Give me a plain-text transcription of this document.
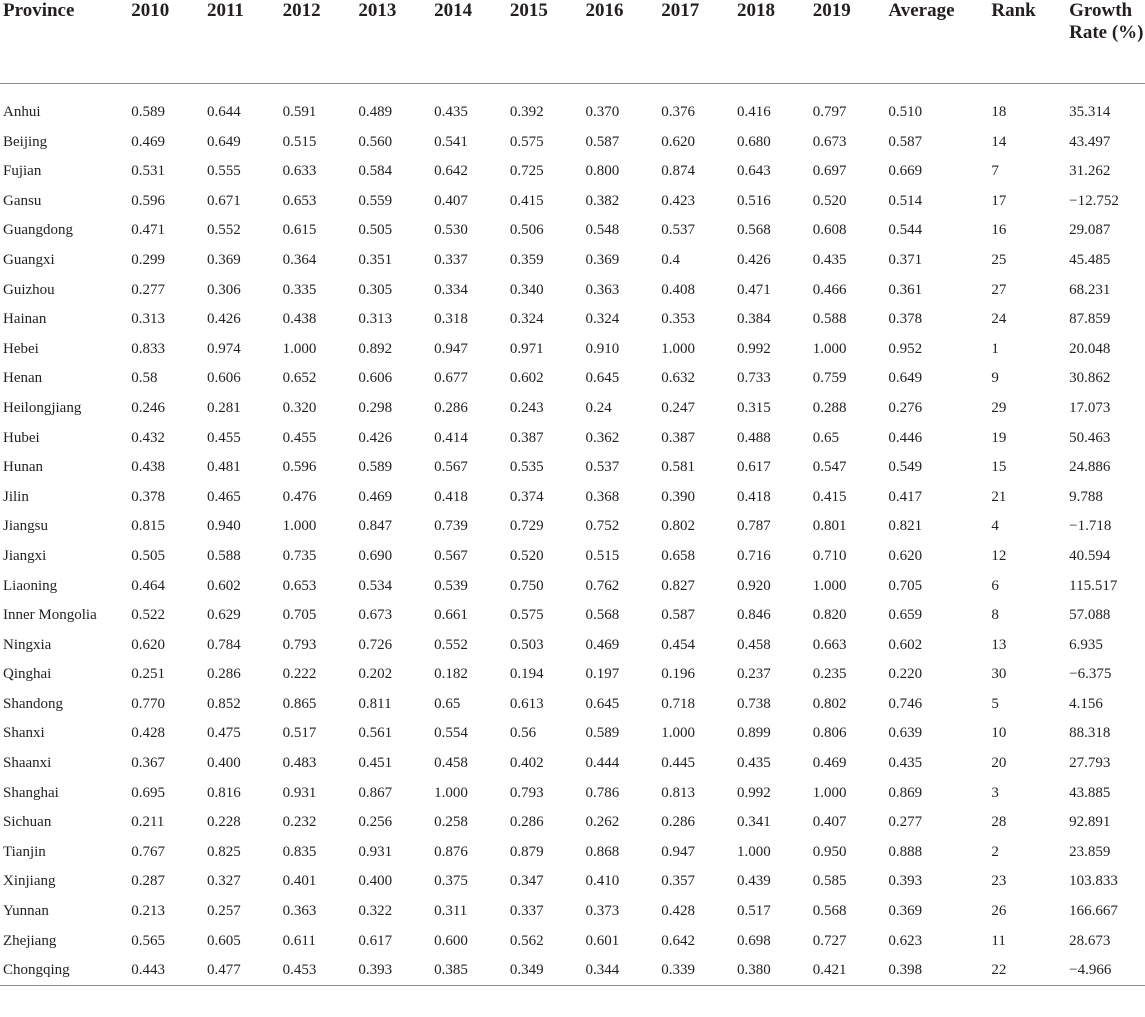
Province	2010	2011	2012	2013	2014	2015	2016	2017	2018	2019	Average	Rank	Growth Rate (%)
Anhui	0.589	0.644	0.591	0.489	0.435	0.392	0.370	0.376	0.416	0.797	0.510	18	35.314
Beijing	0.469	0.649	0.515	0.560	0.541	0.575	0.587	0.620	0.680	0.673	0.587	14	43.497
Fujian	0.531	0.555	0.633	0.584	0.642	0.725	0.800	0.874	0.643	0.697	0.669	7	31.262
Gansu	0.596	0.671	0.653	0.559	0.407	0.415	0.382	0.423	0.516	0.520	0.514	17	−12.752
Guangdong	0.471	0.552	0.615	0.505	0.530	0.506	0.548	0.537	0.568	0.608	0.544	16	29.087
Guangxi	0.299	0.369	0.364	0.351	0.337	0.359	0.369	0.4	0.426	0.435	0.371	25	45.485
Guizhou	0.277	0.306	0.335	0.305	0.334	0.340	0.363	0.408	0.471	0.466	0.361	27	68.231
Hainan	0.313	0.426	0.438	0.313	0.318	0.324	0.324	0.353	0.384	0.588	0.378	24	87.859
Hebei	0.833	0.974	1.000	0.892	0.947	0.971	0.910	1.000	0.992	1.000	0.952	1	20.048
Henan	0.58	0.606	0.652	0.606	0.677	0.602	0.645	0.632	0.733	0.759	0.649	9	30.862
Heilongjiang	0.246	0.281	0.320	0.298	0.286	0.243	0.24	0.247	0.315	0.288	0.276	29	17.073
Hubei	0.432	0.455	0.455	0.426	0.414	0.387	0.362	0.387	0.488	0.65	0.446	19	50.463
Hunan	0.438	0.481	0.596	0.589	0.567	0.535	0.537	0.581	0.617	0.547	0.549	15	24.886
Jilin	0.378	0.465	0.476	0.469	0.418	0.374	0.368	0.390	0.418	0.415	0.417	21	9.788
Jiangsu	0.815	0.940	1.000	0.847	0.739	0.729	0.752	0.802	0.787	0.801	0.821	4	−1.718
Jiangxi	0.505	0.588	0.735	0.690	0.567	0.520	0.515	0.658	0.716	0.710	0.620	12	40.594
Liaoning	0.464	0.602	0.653	0.534	0.539	0.750	0.762	0.827	0.920	1.000	0.705	6	115.517
Inner Mongolia	0.522	0.629	0.705	0.673	0.661	0.575	0.568	0.587	0.846	0.820	0.659	8	57.088
Ningxia	0.620	0.784	0.793	0.726	0.552	0.503	0.469	0.454	0.458	0.663	0.602	13	6.935
Qinghai	0.251	0.286	0.222	0.202	0.182	0.194	0.197	0.196	0.237	0.235	0.220	30	−6.375
Shandong	0.770	0.852	0.865	0.811	0.65	0.613	0.645	0.718	0.738	0.802	0.746	5	4.156
Shanxi	0.428	0.475	0.517	0.561	0.554	0.56	0.589	1.000	0.899	0.806	0.639	10	88.318
Shaanxi	0.367	0.400	0.483	0.451	0.458	0.402	0.444	0.445	0.435	0.469	0.435	20	27.793
Shanghai	0.695	0.816	0.931	0.867	1.000	0.793	0.786	0.813	0.992	1.000	0.869	3	43.885
Sichuan	0.211	0.228	0.232	0.256	0.258	0.286	0.262	0.286	0.341	0.407	0.277	28	92.891
Tianjin	0.767	0.825	0.835	0.931	0.876	0.879	0.868	0.947	1.000	0.950	0.888	2	23.859
Xinjiang	0.287	0.327	0.401	0.400	0.375	0.347	0.410	0.357	0.439	0.585	0.393	23	103.833
Yunnan	0.213	0.257	0.363	0.322	0.311	0.337	0.373	0.428	0.517	0.568	0.369	26	166.667
Zhejiang	0.565	0.605	0.611	0.617	0.600	0.562	0.601	0.642	0.698	0.727	0.623	11	28.673
Chongqing	0.443	0.477	0.453	0.393	0.385	0.349	0.344	0.339	0.380	0.421	0.398	22	−4.966
